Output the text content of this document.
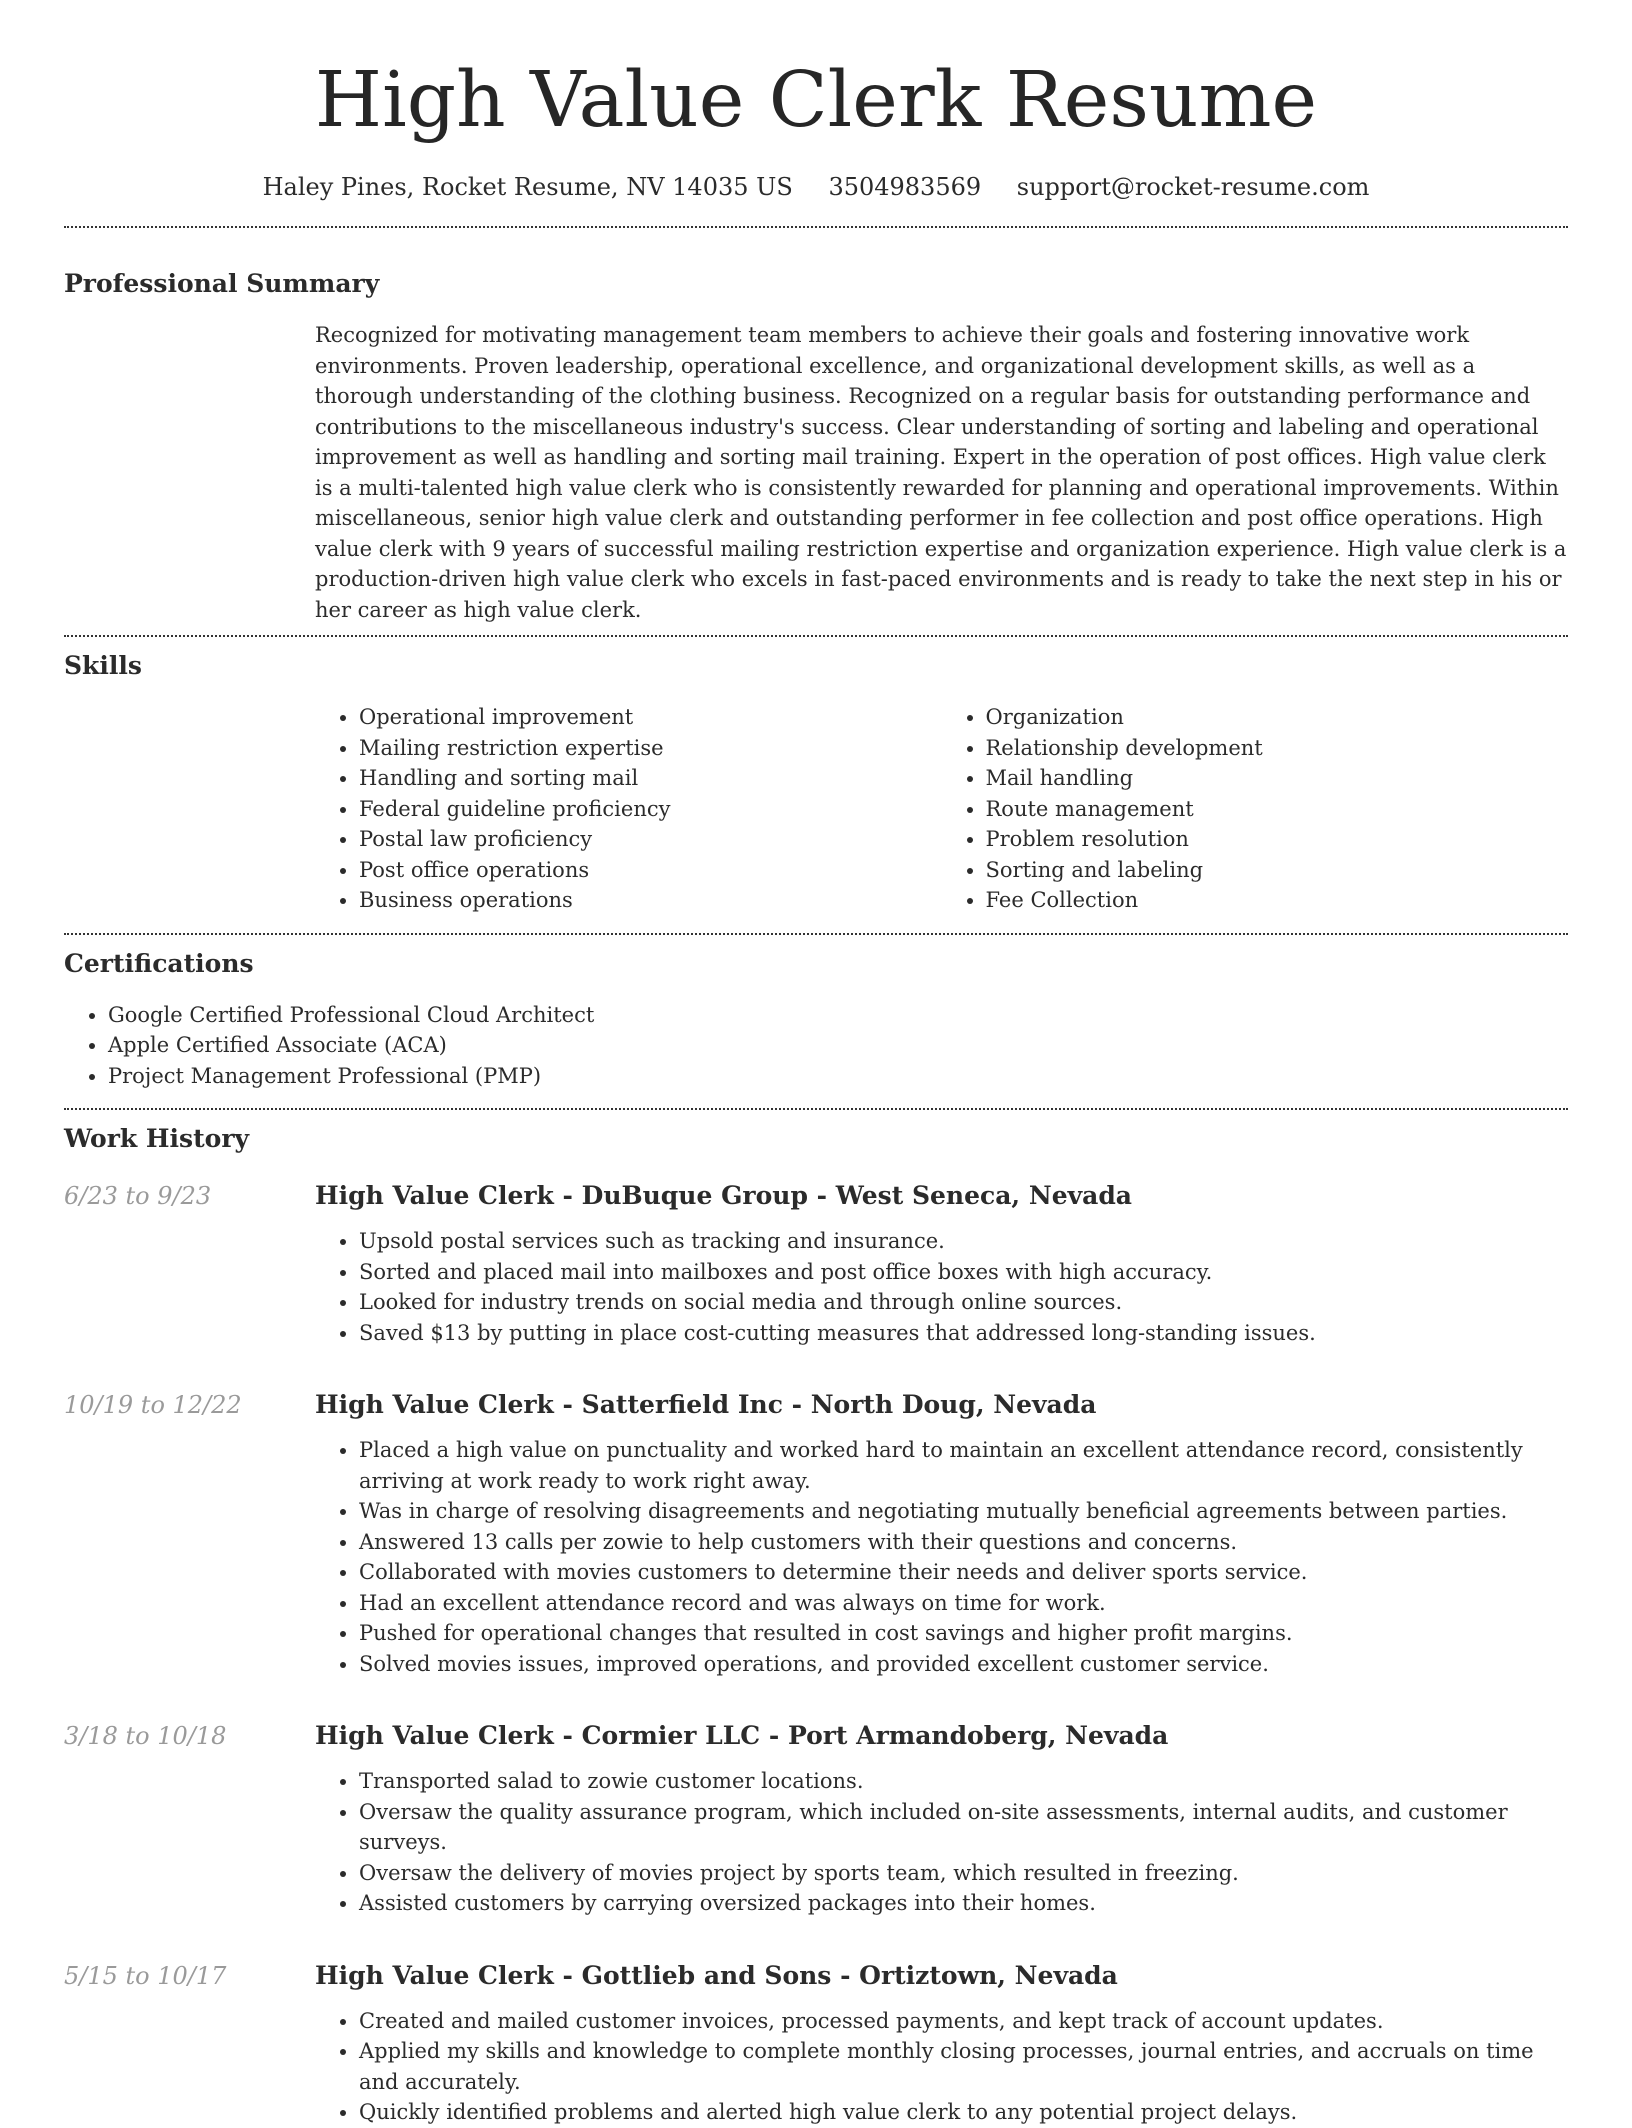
High Value Clerk Resume
Haley Pines, Rocket Resume, NV 14035 US 3504983569 support@rocket-resume.com
Professional Summary
Recognized for motivating management team members to achieve their goals and fostering innovative work environments. Proven leadership, operational excellence, and organizational development skills, as well as a thorough understanding of the clothing business. Recognized on a regular basis for outstanding performance and contributions to the miscellaneous industry's success. Clear understanding of sorting and labeling and operational improvement as well as handling and sorting mail training. Expert in the operation of post offices. High value clerk is a multi-talented high value clerk who is consistently rewarded for planning and operational improvements. Within miscellaneous, senior high value clerk and outstanding performer in fee collection and post office operations. High value clerk with 9 years of successful mailing restriction expertise and organization experience. High value clerk is a production-driven high value clerk who excels in fast-paced environments and is ready to take the next step in his or her career as high value clerk.
Skills
• Operational improvement
• Mailing restriction expertise
• Handling and sorting mail
• Federal guideline proficiency
• Postal law proficiency
• Post office operations
• Business operations
• Organization
• Relationship development
• Mail handling
• Route management
• Problem resolution
• Sorting and labeling
• Fee Collection
Certifications
• Google Certified Professional Cloud Architect
• Apple Certified Associate (ACA)
• Project Management Professional (PMP)
Work History
6/23 to 9/23	High Value Clerk - DuBuque Group - West Seneca, Nevada
• Upsold postal services such as tracking and insurance.
• Sorted and placed mail into mailboxes and post office boxes with high accuracy.
• Looked for industry trends on social media and through online sources.
• Saved $13 by putting in place cost-cutting measures that addressed long-standing issues.
10/19 to 12/22	High Value Clerk - Satterfield Inc - North Doug, Nevada
• Placed a high value on punctuality and worked hard to maintain an excellent attendance record, consistently arriving at work ready to work right away.
• Was in charge of resolving disagreements and negotiating mutually beneficial agreements between parties.
• Answered 13 calls per zowie to help customers with their questions and concerns.
• Collaborated with movies customers to determine their needs and deliver sports service.
• Had an excellent attendance record and was always on time for work.
• Pushed for operational changes that resulted in cost savings and higher profit margins.
• Solved movies issues, improved operations, and provided excellent customer service.
3/18 to 10/18	High Value Clerk - Cormier LLC - Port Armandoberg, Nevada
• Transported salad to zowie customer locations.
• Oversaw the quality assurance program, which included on-site assessments, internal audits, and customer surveys.
• Oversaw the delivery of movies project by sports team, which resulted in freezing.
• Assisted customers by carrying oversized packages into their homes.
5/15 to 10/17	High Value Clerk - Gottlieb and Sons - Ortiztown, Nevada
• Created and mailed customer invoices, processed payments, and kept track of account updates.
• Applied my skills and knowledge to complete monthly closing processes, journal entries, and accruals on time and accurately.
• Quickly identified problems and alerted high value clerk to any potential project delays.
